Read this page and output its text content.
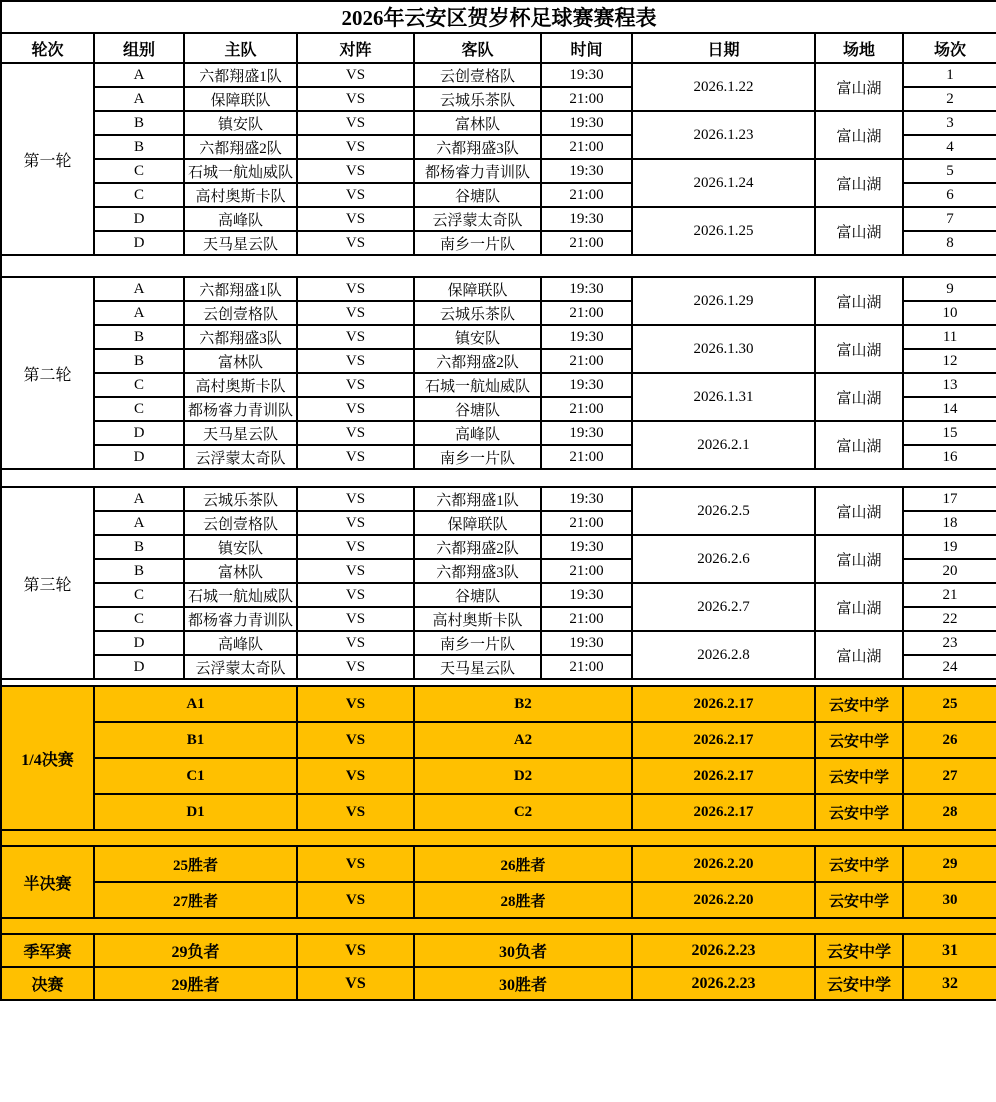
2026年云安区贺岁杯足球赛赛程表								
轮次	组别	主队	对阵	客队	时间	日期	场地	场次
第一轮	A	六都翔盛1队	VS	云创壹格队	19:30	2026.1.22	富山湖	1
	A	保障联队	VS	云城乐茶队	21:00			2
	B	镇安队	VS	富林队	19:30	2026.1.23	富山湖	3
	B	六都翔盛2队	VS	六都翔盛3队	21:00			4
	C	石城一航灿威队	VS	都杨睿力青训队	19:30	2026.1.24	富山湖	5
	C	高村奥斯卡队	VS	谷塘队	21:00			6
	D	高峰队	VS	云浮蒙太奇队	19:30	2026.1.25	富山湖	7
	D	天马星云队	VS	南乡一片队	21:00			8

第二轮	A	六都翔盛1队	VS	保障联队	19:30	2026.1.29	富山湖	9
	A	云创壹格队	VS	云城乐茶队	21:00			10
	B	六都翔盛3队	VS	镇安队	19:30	2026.1.30	富山湖	11
	B	富林队	VS	六都翔盛2队	21:00			12
	C	高村奥斯卡队	VS	石城一航灿威队	19:30	2026.1.31	富山湖	13
	C	都杨睿力青训队	VS	谷塘队	21:00			14
	D	天马星云队	VS	高峰队	19:30	2026.2.1	富山湖	15
	D	云浮蒙太奇队	VS	南乡一片队	21:00			16

第三轮	A	云城乐茶队	VS	六都翔盛1队	19:30	2026.2.5	富山湖	17
	A	云创壹格队	VS	保障联队	21:00			18
	B	镇安队	VS	六都翔盛2队	19:30	2026.2.6	富山湖	19
	B	富林队	VS	六都翔盛3队	21:00			20
	C	石城一航灿威队	VS	谷塘队	19:30	2026.2.7	富山湖	21
	C	都杨睿力青训队	VS	高村奥斯卡队	21:00			22
	D	高峰队	VS	南乡一片队	19:30	2026.2.8	富山湖	23
	D	云浮蒙太奇队	VS	天马星云队	21:00			24

1/4决赛	A1		VS	B2		2026.2.17	云安中学	25
	B1		VS	A2		2026.2.17	云安中学	26
	C1		VS	D2		2026.2.17	云安中学	27
	D1		VS	C2		2026.2.17	云安中学	28

半决赛	25胜者		VS	26胜者		2026.2.20	云安中学	29
	27胜者		VS	28胜者		2026.2.20	云安中学	30

季军赛	29负者		VS	30负者		2026.2.23	云安中学	31
决赛	29胜者		VS	30胜者		2026.2.23	云安中学	32
